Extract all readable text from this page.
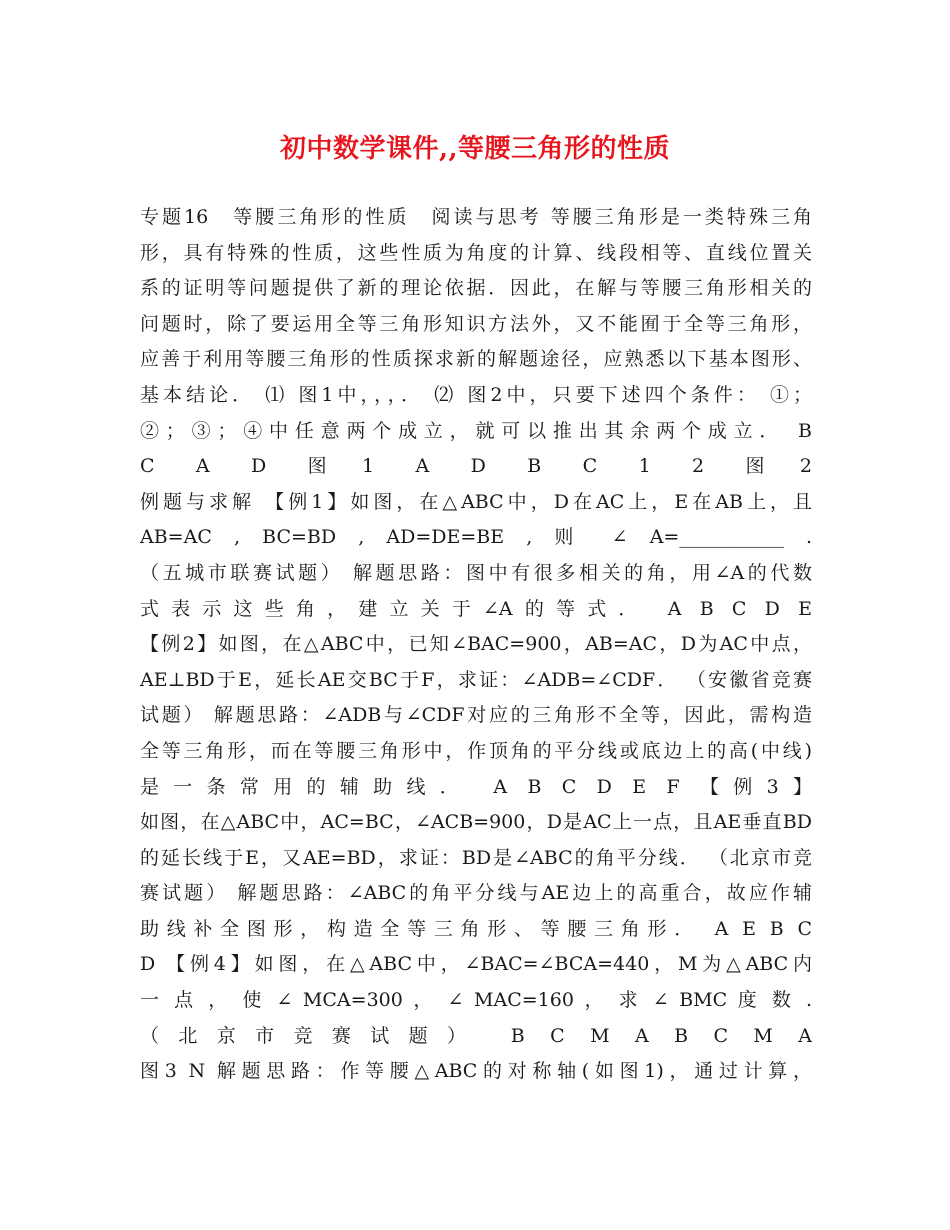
初中数学课件,,等腰三角形的性质
专题16　等腰三角形的性质　阅读与思考 等腰三角形是一类特殊三角
形，具有特殊的性质，这些性质为角度的计算、线段相等、直线位置关
系的证明等问题提供了新的理论依据．因此，在解与等腰三角形相关的
问题时，除了要运用全等三角形知识方法外，又不能囿于全等三角形，
应善于利用等腰三角形的性质探求新的解题途径，应熟悉以下基本图形、
基本结论． ⑴ 图1中，，，． ⑵ 图2中，只要下述四个条件： ①；
②；③；④中任意两个成立，就可以推出其余两个成立． B
C A D 图1 A D B C 1 2 图2
例题与求解 【例1】如图，在△ABC中，D在AC上，E在AB上，且
AB=AC , BC=BD , AD=DE=BE , 则 ∠ A=___________ .
（五城市联赛试题） 解题思路：图中有很多相关的角，用∠A的代数
式表示这些角，建立关于∠A的等式． A B C D E
【例2】如图，在△ABC中，已知∠BAC=900，AB=AC，D为AC中点，
AE⊥BD于E，延长AE交BC于F，求证：∠ADB=∠CDF． （安徽省竞赛
试题） 解题思路：∠ADB与∠CDF对应的三角形不全等，因此，需构造
全等三角形，而在等腰三角形中，作顶角的平分线或底边上的高(中线)
是一条常用的辅助线． A B C D E F 【例3】
如图，在△ABC中，AC=BC，∠ACB=900，D是AC上一点，且AE垂直BD
的延长线于E，又AE=BD，求证：BD是∠ABC的角平分线． （北京市竞
赛试题） 解题思路：∠ABC的角平分线与AE边上的高重合，故应作辅
助线补全图形，构造全等三角形、等腰三角形． A E B C
D 【例4】如图，在△ABC中，∠BAC=∠BCA=440，M为△ABC内
一 点 ， 使 ∠ MCA=300 ， ∠ MAC=160 ， 求 ∠ BMC 度 数 .
（北京市竞赛试题） B C M A B C M A
图3 N 解题思路：作等腰△ABC的对称轴(如图1)，通过计算，
